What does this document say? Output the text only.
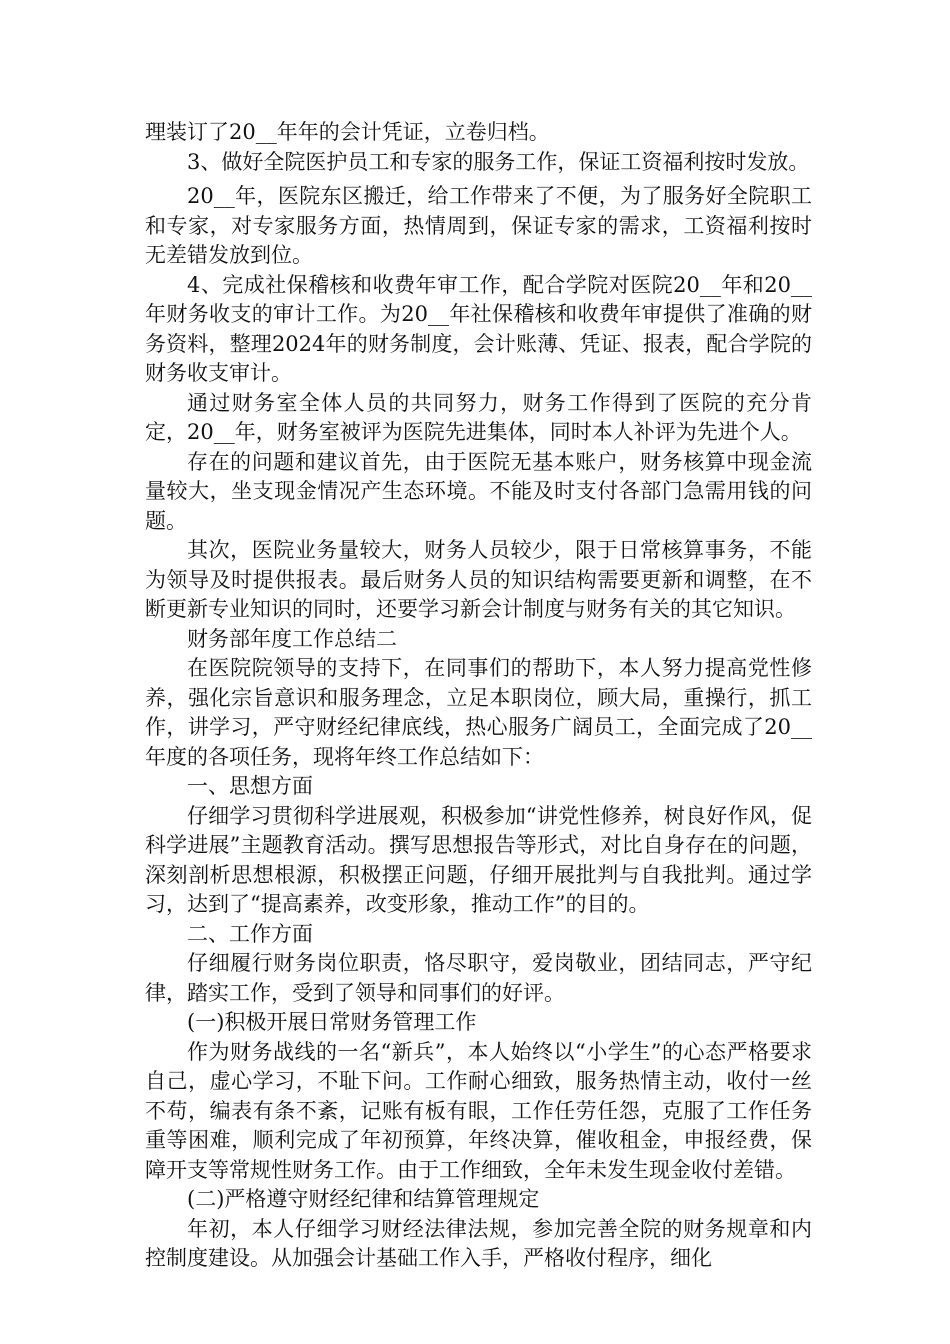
理装订了20__年年的会计凭证，立卷归档。

3、做好全院医护员工和专家的服务工作，保证工资福利按时发放。

20__年，医院东区搬迁，给工作带来了不便，为了服务好全院职工和专家，对专家服务方面，热情周到，保证专家的需求，工资福利按时无差错发放到位。

4、完成社保稽核和收费年审工作，配合学院对医院20__年和20__年财务收支的审计工作。为20__年社保稽核和收费年审提供了准确的财务资料，整理2024年的财务制度，会计账薄、凭证、报表，配合学院的财务收支审计。

通过财务室全体人员的共同努力，财务工作得到了医院的充分肯定，20__年，财务室被评为医院先进集体，同时本人补评为先进个人。

存在的问题和建议首先，由于医院无基本账户，财务核算中现金流量较大，坐支现金情况产生态环境。不能及时支付各部门急需用钱的问题。

其次，医院业务量较大，财务人员较少，限于日常核算事务，不能为领导及时提供报表。最后财务人员的知识结构需要更新和调整，在不断更新专业知识的同时，还要学习新会计制度与财务有关的其它知识。

财务部年度工作总结二

在医院院领导的支持下，在同事们的帮助下，本人努力提高党性修养，强化宗旨意识和服务理念，立足本职岗位，顾大局，重操行，抓工作，讲学习，严守财经纪律底线，热心服务广阔员工，全面完成了20__年度的各项任务，现将年终工作总结如下：

一、思想方面

仔细学习贯彻科学进展观，积极参加“讲党性修养，树良好作风，促科学进展”主题教育活动。撰写思想报告等形式，对比自身存在的问题，深刻剖析思想根源，积极摆正问题，仔细开展批判与自我批判。通过学习，达到了“提高素养，改变形象，推动工作”的目的。

二、工作方面

仔细履行财务岗位职责，恪尽职守，爱岗敬业，团结同志，严守纪律，踏实工作，受到了领导和同事们的好评。

(一)积极开展日常财务管理工作

作为财务战线的一名“新兵”，本人始终以“小学生”的心态严格要求自己，虚心学习，不耻下问。工作耐心细致，服务热情主动，收付一丝不苟，编表有条不紊，记账有板有眼，工作任劳任怨，克服了工作任务重等困难，顺利完成了年初预算，年终决算，催收租金，申报经费，保障开支等常规性财务工作。由于工作细致，全年未发生现金收付差错。

(二)严格遵守财经纪律和结算管理规定

年初，本人仔细学习财经法律法规，参加完善全院的财务规章和内控制度建设。从加强会计基础工作入手，严格收付程序，细化
